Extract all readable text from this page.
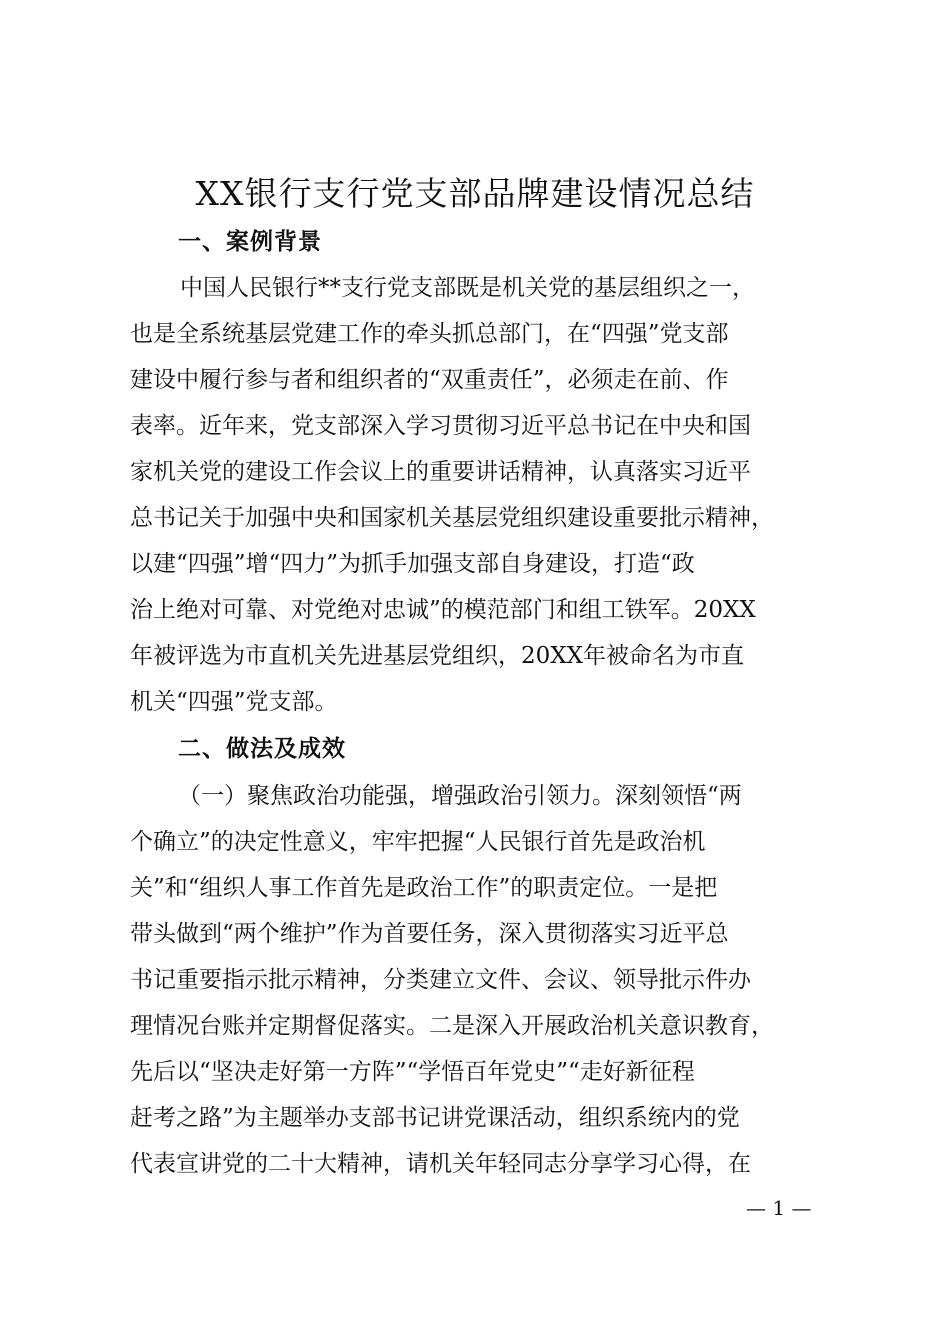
XX银行支行党支部品牌建设情况总结
一、案例背景
中国人民银行**支行党支部既是机关党的基层组织之一，
也是全系统基层党建工作的牵头抓总部门，在“四强”党支部
建设中履行参与者和组织者的“双重责任”，必须走在前、作
表率。近年来，党支部深入学习贯彻习近平总书记在中央和国
家机关党的建设工作会议上的重要讲话精神，认真落实习近平
总书记关于加强中央和国家机关基层党组织建设重要批示精神，
以建“四强”增“四力”为抓手加强支部自身建设，打造“政
治上绝对可靠、对党绝对忠诚”的模范部门和组工铁军。20XX
年被评选为市直机关先进基层党组织，20XX年被命名为市直
机关“四强”党支部。
二、做法及成效
（一）聚焦政治功能强，增强政治引领力。深刻领悟“两
个确立”的决定性意义，牢牢把握“人民银行首先是政治机
关”和“组织人事工作首先是政治工作”的职责定位。一是把
带头做到“两个维护”作为首要任务，深入贯彻落实习近平总
书记重要指示批示精神，分类建立文件、会议、领导批示件办
理情况台账并定期督促落实。二是深入开展政治机关意识教育，
先后以“坚决走好第一方阵”“学悟百年党史”“走好新征程
赶考之路”为主题举办支部书记讲党课活动，组织系统内的党
代表宣讲党的二十大精神，请机关年轻同志分享学习心得，在
— 1 —
